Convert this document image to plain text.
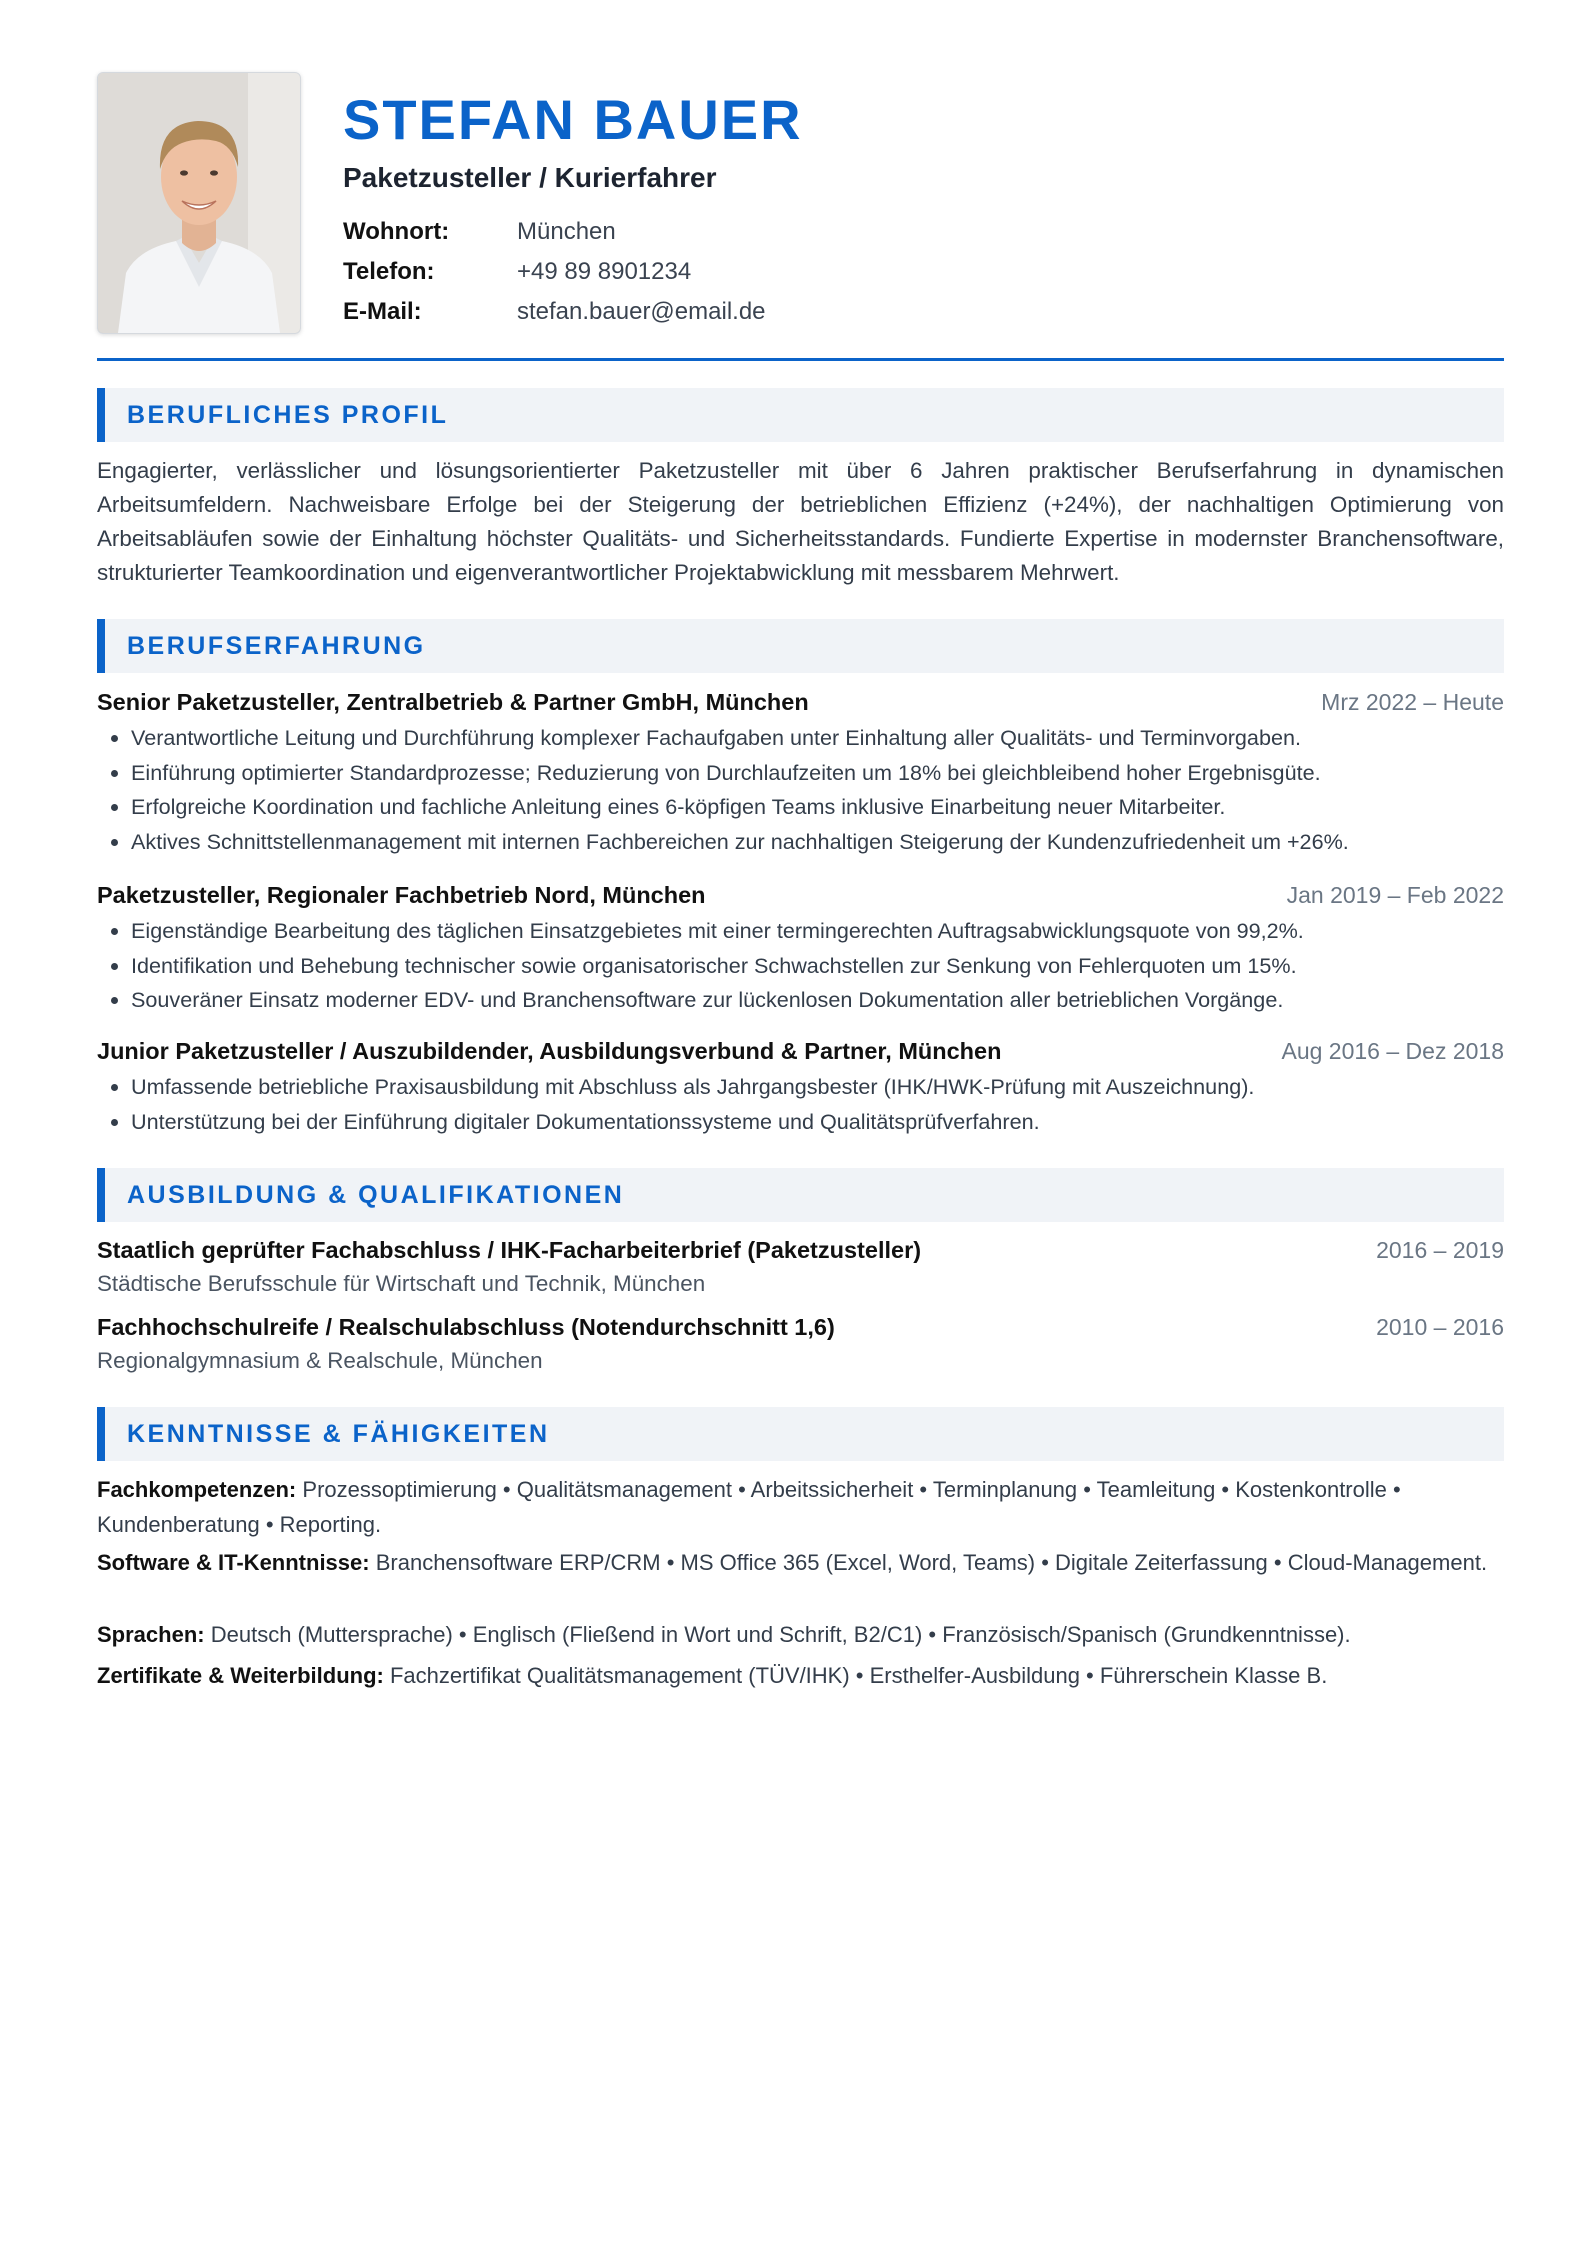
STEFAN BAUER
Paketzusteller / Kurierfahrer
Wohnort:	München
Telefon:	+49 89 8901234
E-Mail:	stefan.bauer@email.de
BERUFLICHES PROFIL

Engagierter, verlässlicher und lösungsorientierter Paketzusteller mit über 6 Jahren praktischer Berufserfahrung in dynamischen Arbeitsumfeldern. Nachweisbare Erfolge bei der Steigerung der betrieblichen Effizienz (+24%), der nachhaltigen Optimierung von Arbeitsabläufen sowie der Einhaltung höchster Qualitäts- und Sicherheitsstandards. Fundierte Expertise in modernster Branchensoftware, strukturierter Teamkoordination und eigenverantwortlicher Projektabwicklung mit messbarem Mehrwert.

BERUFSERFAHRUNG
Senior Paketzusteller, Zentralbetrieb & Partner GmbH, München	Mrz 2022 – Heute
• Verantwortliche Leitung und Durchführung komplexer Fachaufgaben unter Einhaltung aller Qualitäts- und Terminvorgaben.
• Einführung optimierter Standardprozesse; Reduzierung von Durchlaufzeiten um 18% bei gleichbleibend hoher Ergebnisgüte.
• Erfolgreiche Koordination und fachliche Anleitung eines 6-köpfigen Teams inklusive Einarbeitung neuer Mitarbeiter.
• Aktives Schnittstellenmanagement mit internen Fachbereichen zur nachhaltigen Steigerung der Kundenzufriedenheit um +26%.
Paketzusteller, Regionaler Fachbetrieb Nord, München	Jan 2019 – Feb 2022
• Eigenständige Bearbeitung des täglichen Einsatzgebietes mit einer termingerechten Auftragsabwicklungsquote von 99,2%.
• Identifikation und Behebung technischer sowie organisatorischer Schwachstellen zur Senkung von Fehlerquoten um 15%.
• Souveräner Einsatz moderner EDV- und Branchensoftware zur lückenlosen Dokumentation aller betrieblichen Vorgänge.
Junior Paketzusteller / Auszubildender, Ausbildungsverbund & Partner, München	Aug 2016 – Dez 2018
• Umfassende betriebliche Praxisausbildung mit Abschluss als Jahrgangsbester (IHK/HWK-Prüfung mit Auszeichnung).
• Unterstützung bei der Einführung digitaler Dokumentationssysteme und Qualitätsprüfverfahren.
AUSBILDUNG & QUALIFIKATIONEN
Staatlich geprüfter Fachabschluss / IHK-Facharbeiterbrief (Paketzusteller)	2016 – 2019
Städtische Berufsschule für Wirtschaft und Technik, München
Fachhochschulreife / Realschulabschluss (Notendurchschnitt 1,6)	2010 – 2016
Regionalgymnasium & Realschule, München
KENNTNISSE & FÄHIGKEITEN

Fachkompetenzen: Prozessoptimierung • Qualitätsmanagement • Arbeitssicherheit • Terminplanung • Teamleitung • Kostenkontrolle • Kundenberatung • Reporting.

Software & IT-Kenntnisse: Branchensoftware ERP/CRM • MS Office 365 (Excel, Word, Teams) • Digitale Zeiterfassung • Cloud-Management.

Sprachen: Deutsch (Muttersprache) • Englisch (Fließend in Wort und Schrift, B2/C1) • Französisch/Spanisch (Grundkenntnisse).

Zertifikate & Weiterbildung: Fachzertifikat Qualitätsmanagement (TÜV/IHK) • Ersthelfer-Ausbildung • Führerschein Klasse B.
